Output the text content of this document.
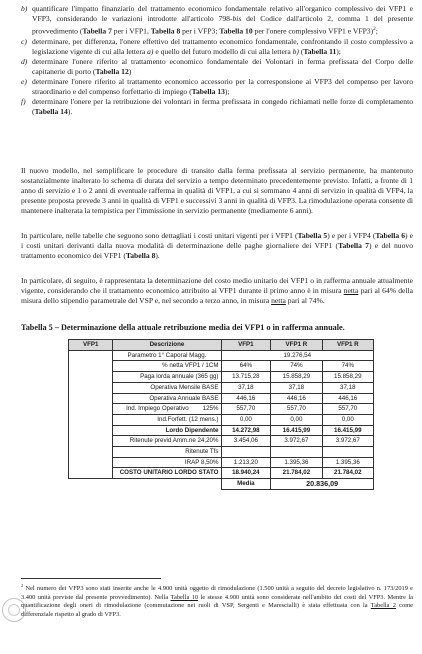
b) quantificare l'impatto finanziario del trattamento economico fondamentale relativo all'organico complessivo dei VFP1 e VFP3, considerando le variazioni introdotte all'articolo 798-bis del Codice dall'articolo 2, comma 1 del presente provvedimento (Tabella 7 per i VFP1, Tabella 8 per i VFP3; Tabella 10 per l'onere complessivo VFP1 e VFP3)$^2$;
c) determinare, per differenza, l'onere effettivo del trattamento economico fondamentale, confrontando il costo complessivo a legislazione vigente di cui alla lettera a) e quello del futuro modello di cui alla lettera b) (Tabella 11);
d) determinare l'onere riferito al trattamento economico fondamentale dei Volontari in ferma prefissata del Corpo delle capitanerie di porto (Tabella 12)
e) determinare l'onere riferito al trattamento economico accessorio per la corresponsione ai VFP3 del compenso per lavoro straordinario e del compenso forfettario di impiego (Tabella 13);
f) determinare l'onere per la retribuzione dei volontari in ferma prefissata in congedo richiamati nelle forze di completamento (Tabella 14).

Il nuovo modello, nel semplificare le procedure di transito dalla ferma prefissata al servizio permanente, ha mantenuto sostanzialmente inalterato lo schema di durata del servizio a tempo determinato precedentemente previsto. Infatti, a fronte di 1 anno di servizio e 1 o 2 anni di eventuale rafferma in qualità di VFP1, a cui si sommano 4 anni di servizio in qualità di VFP4, la presente proposta prevede 3 anni in qualità di VFP1 e successivi 3 anni in qualità di VFP3. La rimodulazione operata consente di mantenere inalterata la tempistica per l'immissione in servizio permanente (mediamente 6 anni).

In particolare, nelle tabelle che seguono sono dettagliati i costi unitari vigenti per i VFP1 (Tabella 5) e per i VFP4 (Tabella 6) e i costi unitari derivanti dalla nuova modalità di determinazione delle paghe giornaliere dei VFP1 (Tabella 7) e del nuovo trattamento economico dei VFP1 (Tabella 8).

In particolare, di seguito, è rappresentata la determinazione del costo medio unitario dei VFP1 o in rafferma annuale attualmente vigente, considerando che il trattamento economico attribuito ai VFP1 durante il primo anno è in misura netta pari al 64% della misura dello stipendio parametrale del VSP e, nel secondo a terzo anno, in misura netta pari al 74%.

Tabella 5 – Determinazione della attuale retribuzione media dei VFP1 o in rafferma annuale.

VFP1	Descrizione	VFP1	VFP1 R	VFP1 R
	Parametro 1° Caporal Magg.	19.276,54		
	% netta VFP1 / 1CM	64%	74%	74%
	Paga lorda annuale (365 gg)	13.715,28	15.858,29	15.858,29
	Operativa Mensile BASE	37,18	37,18	37,18
	Operativa Annuale BASE	446,16	446,16	446,16
	Ind. Impiego Operativo 125%	557,70	557,70	557,70
	Ind.Forfett. (12 mens.)	0,00	0,00	0,00
	Lordo Dipendente	14.272,98	16.415,99	16.415,99
	Ritenute previd Amm.ne 24,20%	3.454,06	3.972,67	3.972,67
	Ritenute Tfs			
	IRAP 8,50%	1.213,20	1.395,36	1.395,36
	COSTO UNITARIO LORDO STATO	18.940,24	21.784,02	21.784,02
		Media	20.836,09	

$^2$ Nel numero dei VFP3 sono stati inserite anche le 4.900 unità oggetto di rimodulazione (1.500 unità a seguito del decreto legislativo n. 173/2019 e 3.400 unità previste dal presente provvedimento). Nella Tabella 10 le stesse 4.900 unità sono considerate nell'ambito dei costi del VFP3. Mentre la quantificazione degli oneri di rimodulazione (commutazione nei ruoli di VSP, Sergenti e Marescialli) è stata effettuata con la Tabella 2 come differenziale rispetto al grado di VFP3.
